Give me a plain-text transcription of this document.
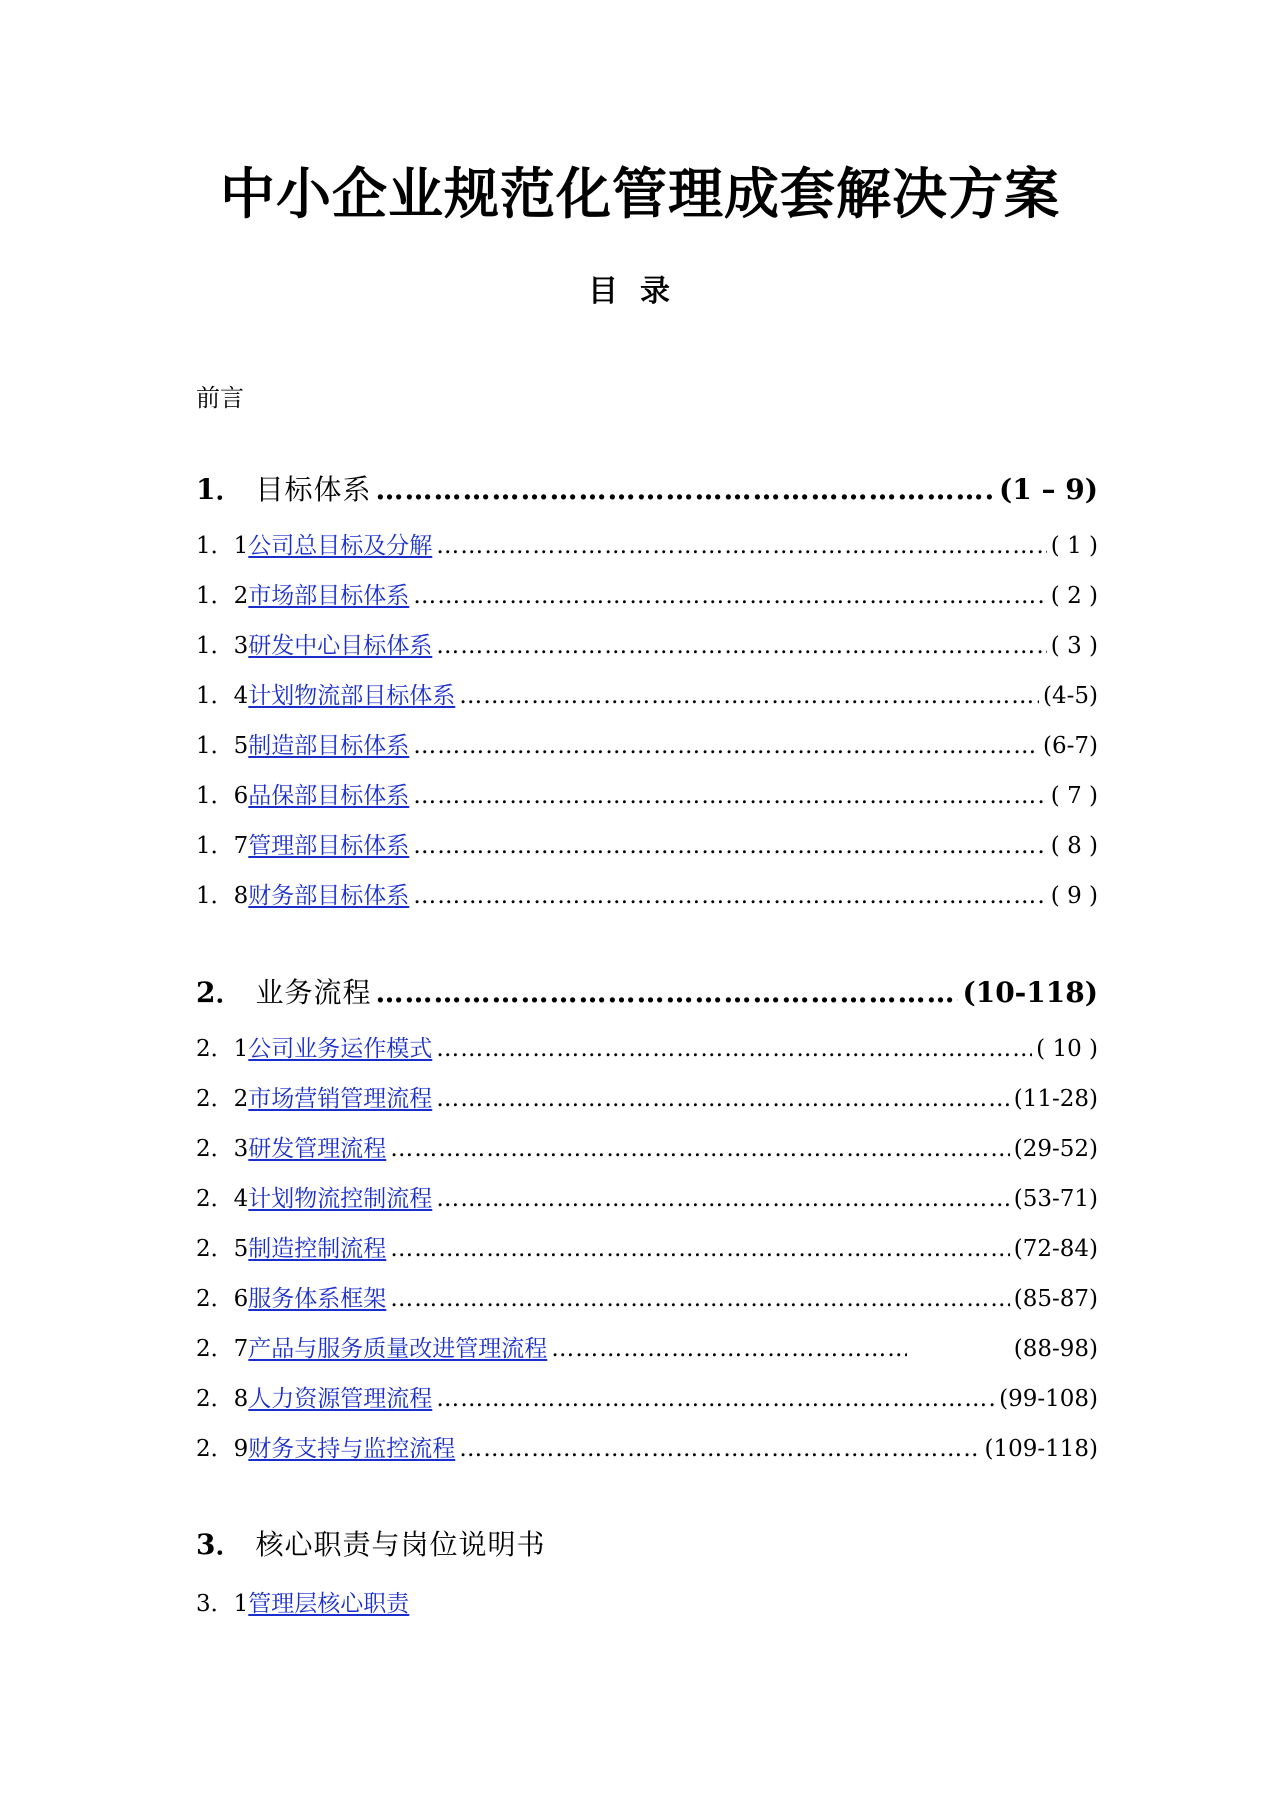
中小企业规范化管理成套解决方案
目录
前言
1． 目标体系 ………………………………………………………………………………………………………………………………………	(1 – 9)
1．1 公司总目标及分解 ……………………………………………………………………………………………………………………………………	( 1 )
1．2 市场部目标体系 ……………………………………………………………………………………………………………………………………	( 2 )
1．3 研发中心目标体系 ……………………………………………………………………………………………………………………………………	( 3 )
1．4 计划物流部目标体系 ……………………………………………………………………………………………………………………………………	(4-5)
1．5 制造部目标体系 ……………………………………………………………………………………………………………………………………	(6-7)
1．6 品保部目标体系 ……………………………………………………………………………………………………………………………………	( 7 )
1．7 管理部目标体系 ……………………………………………………………………………………………………………………………………	( 8 )
1．8 财务部目标体系 ……………………………………………………………………………………………………………………………………	( 9 )
2． 业务流程 ………………………………………………………………………………………………………………………………………	(10-118)
2．1 公司业务运作模式 ……………………………………………………………………………………………………………………………………	( 10 )
2．2 市场营销管理流程 ……………………………………………………………………………………………………………………………………	(11-28)
2．3 研发管理流程 ……………………………………………………………………………………………………………………………………	(29-52)
2．4 计划物流控制流程 ……………………………………………………………………………………………………………………………………	(53-71)
2．5 制造控制流程 ……………………………………………………………………………………………………………………………………	(72-84)
2．6 服务体系框架 ……………………………………………………………………………………………………………………………………	(85-87)
2．7 产品与服务质量改进管理流程 ……………………………………………………………………………………………………………………………………	(88-98)
2．8 人力资源管理流程 ……………………………………………………………………………………………………………………………………	(99-108)
2．9 财务支持与监控流程 ……………………………………………………………………………………………………………………………………	(109-118)
3． 核心职责与岗位说明书
3．1 管理层核心职责
